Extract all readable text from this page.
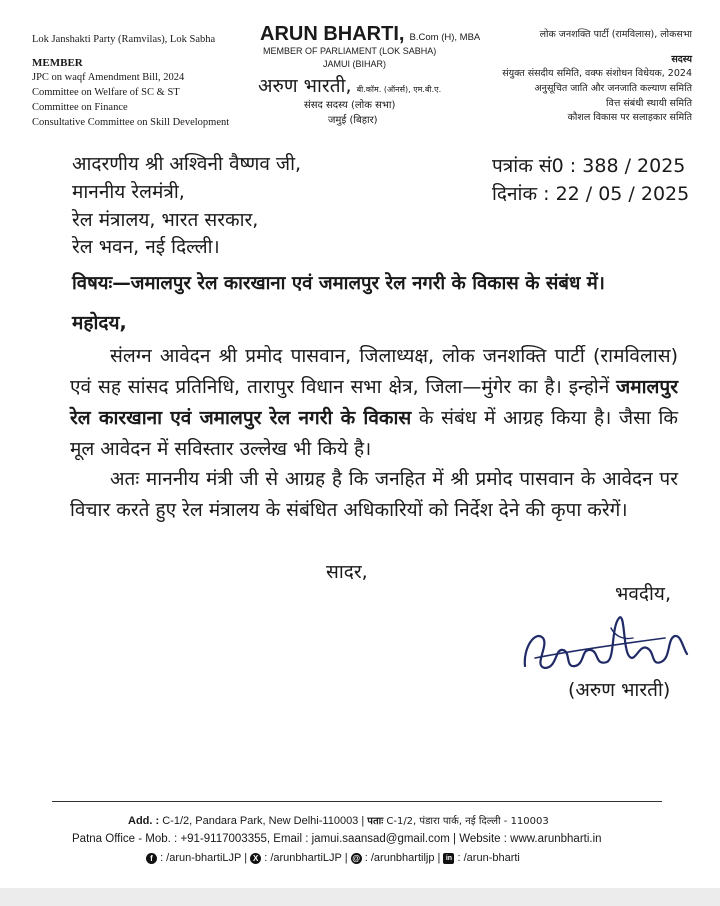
Lok Janshakti Party (Ramvilas), Lok Sabha
MEMBER
JPC on waqf Amendment Bill, 2024
Committee on Welfare of SC & ST
Committee on Finance
Consultative Committee on Skill Development
ARUN BHARTI, B.Com (H), MBA
MEMBER OF PARLIAMENT (LOK SABHA)
JAMUI (BIHAR)
अरुण भारती, बी.कॉम. (ऑनर्स), एम.बी.ए.
संसद सदस्य (लोक सभा)
जमुई (बिहार)
लोक जनशक्ति पार्टी (रामविलास), लोकसभा
सदस्य
संयुक्त संसदीय समिति, वक्फ संशोधन विधेयक, 2024
अनुसूचित जाति और जनजाति कल्याण समिति
वित्त संबंधी स्थायी समिति
कौशल विकास पर सलाहकार समिति
आदरणीय श्री अश्विनी वैष्णव जी,
माननीय रेलमंत्री,
रेल मंत्रालय, भारत सरकार,
रेल भवन, नई दिल्ली।
पत्रांक सं0 : 388 / 2025
दिनांक : 22 / 05 / 2025
विषयः—जमालपुर रेल कारखाना एवं जमालपुर रेल नगरी के विकास के संबंध में।
महोदय,
संलग्न आवेदन श्री प्रमोद पासवान, जिलाध्यक्ष, लोक जनशक्ति पार्टी (रामविलास) एवं सह सांसद प्रतिनिधि, तारापुर विधान सभा क्षेत्र, जिला—मुंगेर का है। इन्होनें जमालपुर रेल कारखाना एवं जमालपुर रेल नगरी के विकास के संबंध में आग्रह किया है। जैसा कि मूल आवेदन में सविस्तार उल्लेख भी किये है।
अतः माननीय मंत्री जी से आग्रह है कि जनहित में श्री प्रमोद पासवान के आवेदन पर विचार करते हुए रेल मंत्रालय के संबंधित अधिकारियों को निर्देश देने की कृपा करेगें।
सादर,
भवदीय,
(अरुण भारती)
Add. : C-1/2, Pandara Park, New Delhi-110003 | पताः C-1/2, पंडारा पार्क, नई दिल्ली - 110003
Patna Office - Mob. : +91-9117003355, Email : jamui.saansad@gmail.com | Website : www.arunbharti.in
f : /arun-bhartiLJP | X : /arunbhartiLJP | @ : /arunbhartiljp | in : /arun-bharti
